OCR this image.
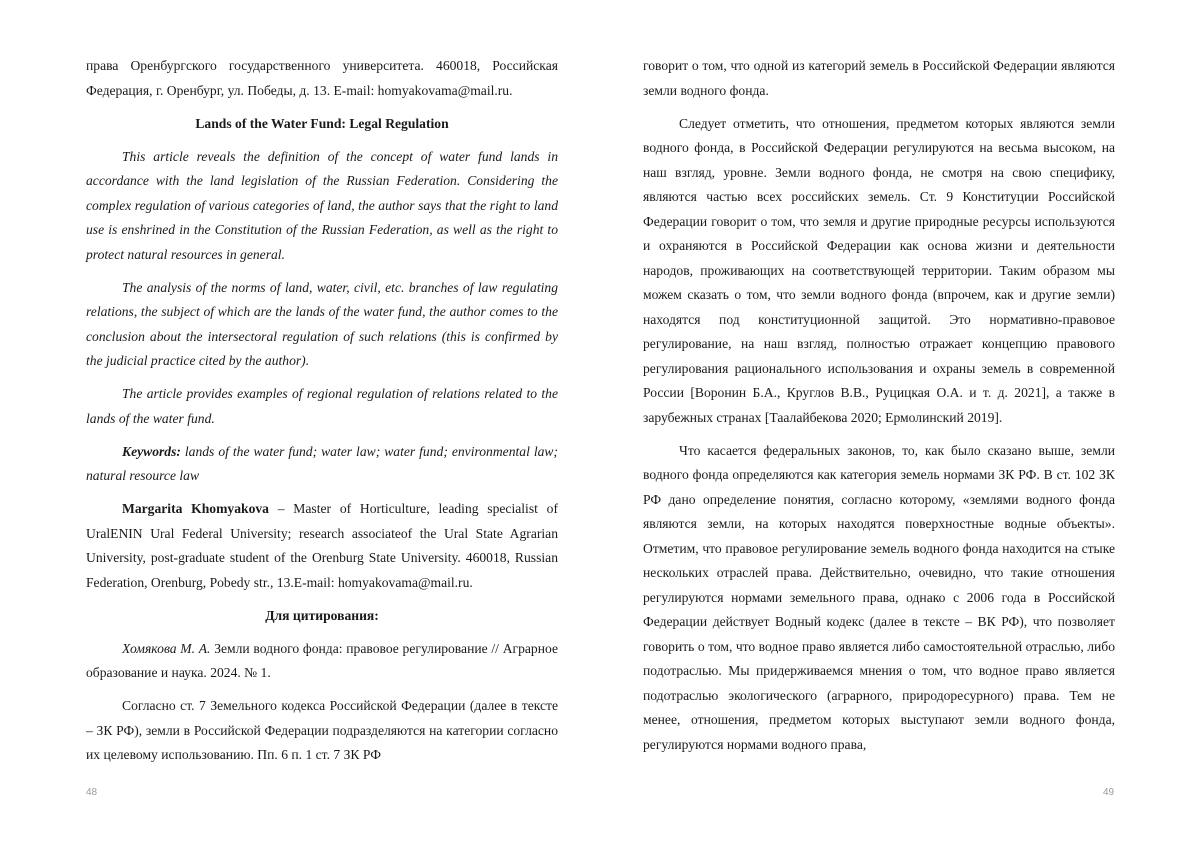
права Оренбургского государственного университета. 460018, Российская Федерация, г. Оренбург, ул. Победы, д. 13. E-mail: homyakovama@mail.ru.

Lands of the Water Fund: Legal Regulation

This article reveals the definition of the concept of water fund lands in accordance with the land legislation of the Russian Federation. Considering the complex regulation of various categories of land, the author says that the right to land use is enshrined in the Constitution of the Russian Federation, as well as the right to protect natural resources in general.

The analysis of the norms of land, water, civil, etc. branches of law regulating relations, the subject of which are the lands of the water fund, the author comes to the conclusion about the intersectoral regulation of such relations (this is confirmed by the judicial practice cited by the author).

The article provides examples of regional regulation of relations related to the lands of the water fund.

Keywords: lands of the water fund; water law; water fund; environmental law; natural resource law

Margarita Khomyakova – Master of Horticulture, leading specialist of UralENIN Ural Federal University; research associateof the Ural State Agrarian University, post-graduate student of the Orenburg State University. 460018, Russian Federation, Orenburg, Pobedy str., 13.E-mail: homyakovama@mail.ru.

Для цитирования:

Хомякова М. А. Земли водного фонда: правовое регулирование // Аграрное образование и наука. 2024. № 1.

Согласно ст. 7 Земельного кодекса Российской Федерации (далее в тексте – ЗК РФ), земли в Российской Федерации подразделяются на категории согласно их целевому использованию. Пп. 6 п. 1 ст. 7 ЗК РФ

говорит о том, что одной из категорий земель в Российской Федерации являются земли водного фонда.

Следует отметить, что отношения, предметом которых являются земли водного фонда, в Российской Федерации регулируются на весьма высоком, на наш взгляд, уровне. Земли водного фонда, не смотря на свою специфику, являются частью всех российских земель. Ст. 9 Конституции Российской Федерации говорит о том, что земля и другие природные ресурсы используются и охраняются в Российской Федерации как основа жизни и деятельности народов, проживающих на соответствующей территории. Таким образом мы можем сказать о том, что земли водного фонда (впрочем, как и другие земли) находятся под конституционной защитой. Это нормативно-правовое регулирование, на наш взгляд, полностью отражает концепцию правового регулирования рационального использования и охраны земель в современной России [Воронин Б.А., Круглов В.В., Руцицкая О.А. и т. д. 2021], а также в зарубежных странах [Таалайбекова 2020; Ермолинский 2019].

Что касается федеральных законов, то, как было сказано выше, земли водного фонда определяются как категория земель нормами ЗК РФ. В ст. 102 ЗК РФ дано определение понятия, согласно которому, «землями водного фонда являются земли, на которых находятся поверхностные водные объекты». Отметим, что правовое регулирование земель водного фонда находится на стыке нескольких отраслей права. Действительно, очевидно, что такие отношения регулируются нормами земельного права, однако с 2006 года в Российской Федерации действует Водный кодекс (далее в тексте – ВК РФ), что позволяет говорить о том, что водное право является либо самостоятельной отраслью, либо подотраслью. Мы придерживаемся мнения о том, что водное право является подотраслью экологического (аграрного, природоресурного) права. Тем не менее, отношения, предметом которых выступают земли водного фонда, регулируются нормами водного права,

48	49
